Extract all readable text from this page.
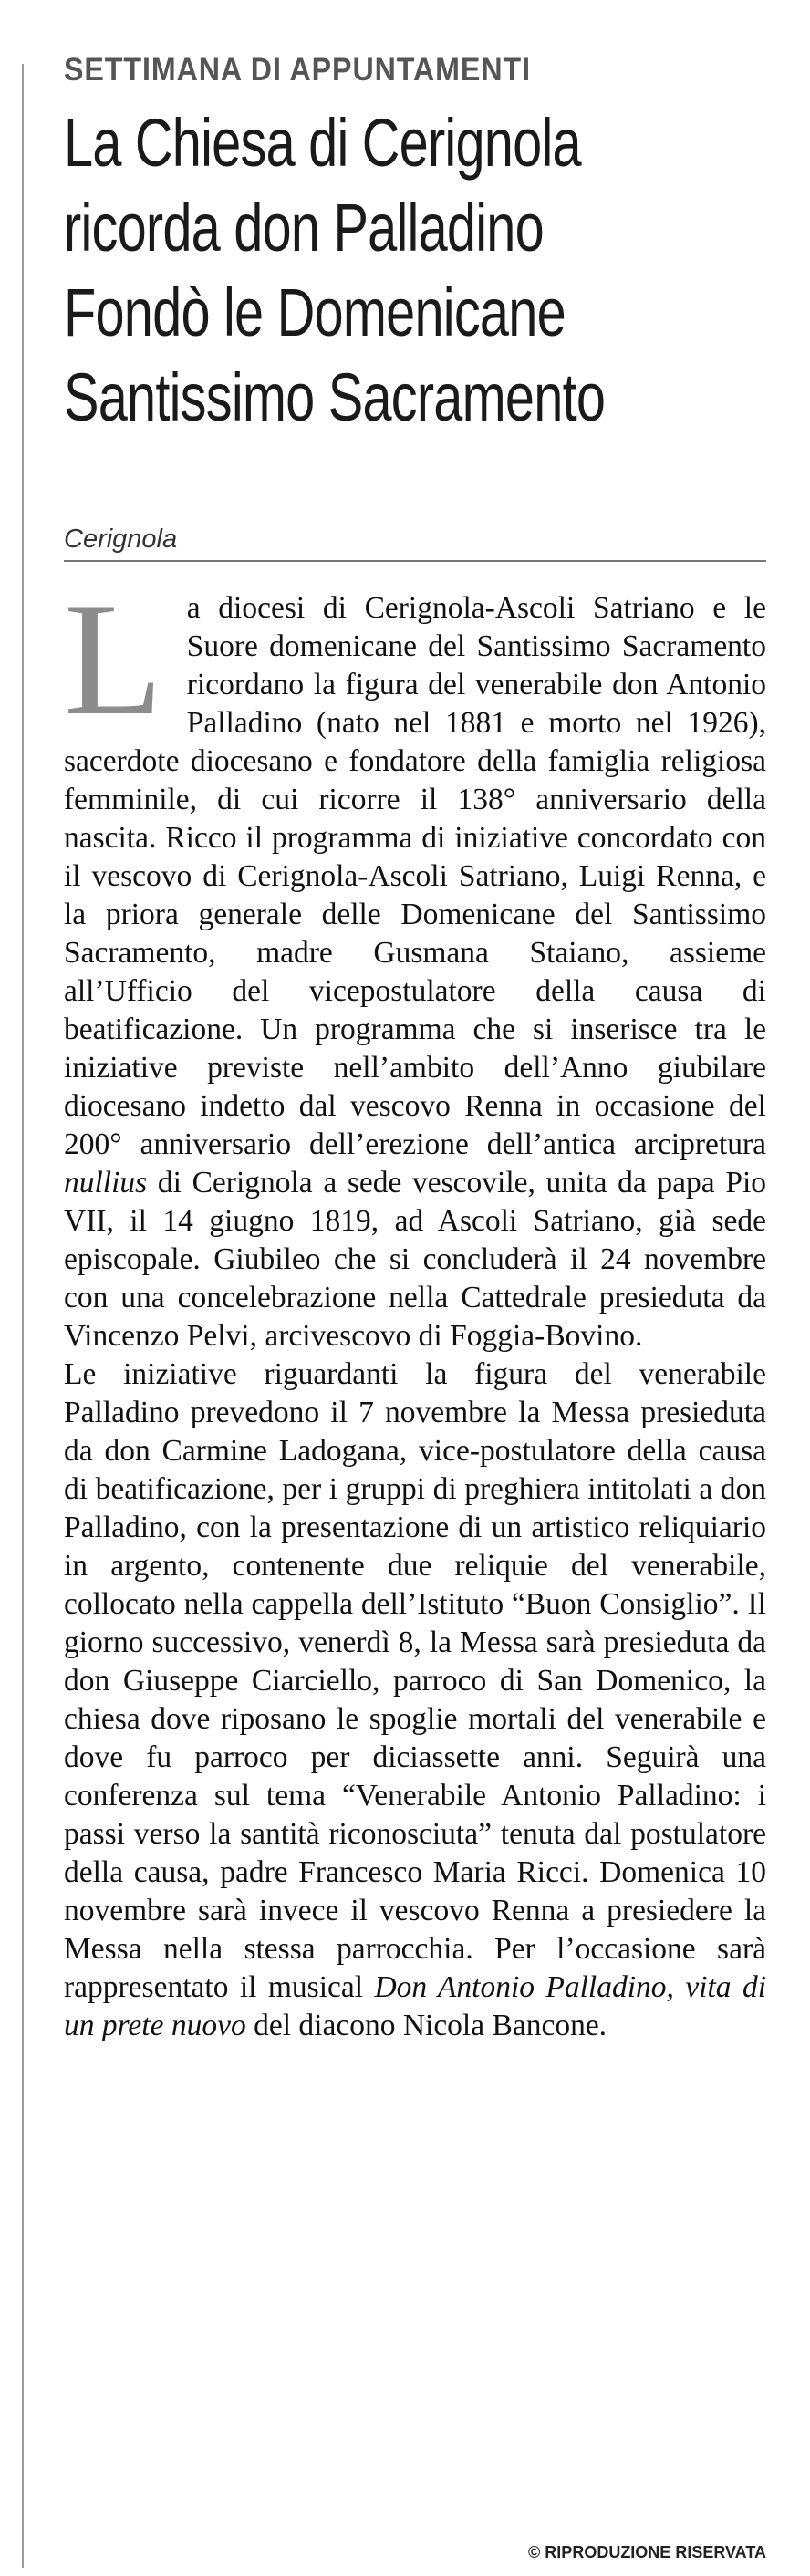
SETTIMANA DI APPUNTAMENTI
La Chiesa di Cerignola
ricorda don Palladino
Fondò le Domenicane
Santissimo Sacramento
Cerignola

La diocesi di Cerignola-Ascoli Satriano e le Suore domenicane del Santissimo Sacramento ricordano la figura del venerabile don Antonio Palladino (nato nel 1881 e morto nel 1926), sacerdote diocesano e fondatore della famiglia religiosa femminile, di cui ricorre il 138° anniversario della nascita. Ricco il programma di iniziative concordato con il vescovo di Cerignola-Ascoli Satriano, Luigi Renna, e la priora generale delle Domenicane del Santissimo Sacramento, madre Gusmana Staiano, assieme all’Ufficio del vicepostulatore della causa di beatificazione. Un programma che si inserisce tra le iniziative previste nell’ambito dell’Anno giubilare diocesano indetto dal vescovo Renna in occasione del 200° anniversario dell’erezione dell’antica arcipretura nullius di Cerignola a sede vescovile, unita da papa Pio VII, il 14 giugno 1819, ad Ascoli Satriano, già sede episcopale. Giubileo che si concluderà il 24 novembre con una concelebrazione nella Cattedrale presieduta da Vincenzo Pelvi, arcivescovo di Foggia-Bovino.

Le iniziative riguardanti la figura del venerabile Palladino prevedono il 7 novembre la Messa presieduta da don Carmine Ladogana, vice-postulatore della causa di beatificazione, per i gruppi di preghiera intitolati a don Palladino, con la presentazione di un artistico reliquiario in argento, contenente due reliquie del venerabile, collocato nella cappella dell’Istituto “Buon Consiglio”. Il giorno successivo, venerdì 8, la Messa sarà presieduta da don Giuseppe Ciarciello, parroco di San Domenico, la chiesa dove riposano le spoglie mortali del venerabile e dove fu parroco per diciassette anni. Seguirà una conferenza sul tema “Venerabile Antonio Palladino: i passi verso la santità riconosciuta” tenuta dal postulatore della causa, padre Francesco Maria Ricci. Domenica 10 novembre sarà invece il vescovo Renna a presiedere la Messa nella stessa parrocchia. Per l’occasione sarà rappresentato il musical Don Antonio Palladino, vita di un prete nuovo del diacono Nicola Bancone.

© RIPRODUZIONE RISERVATA
